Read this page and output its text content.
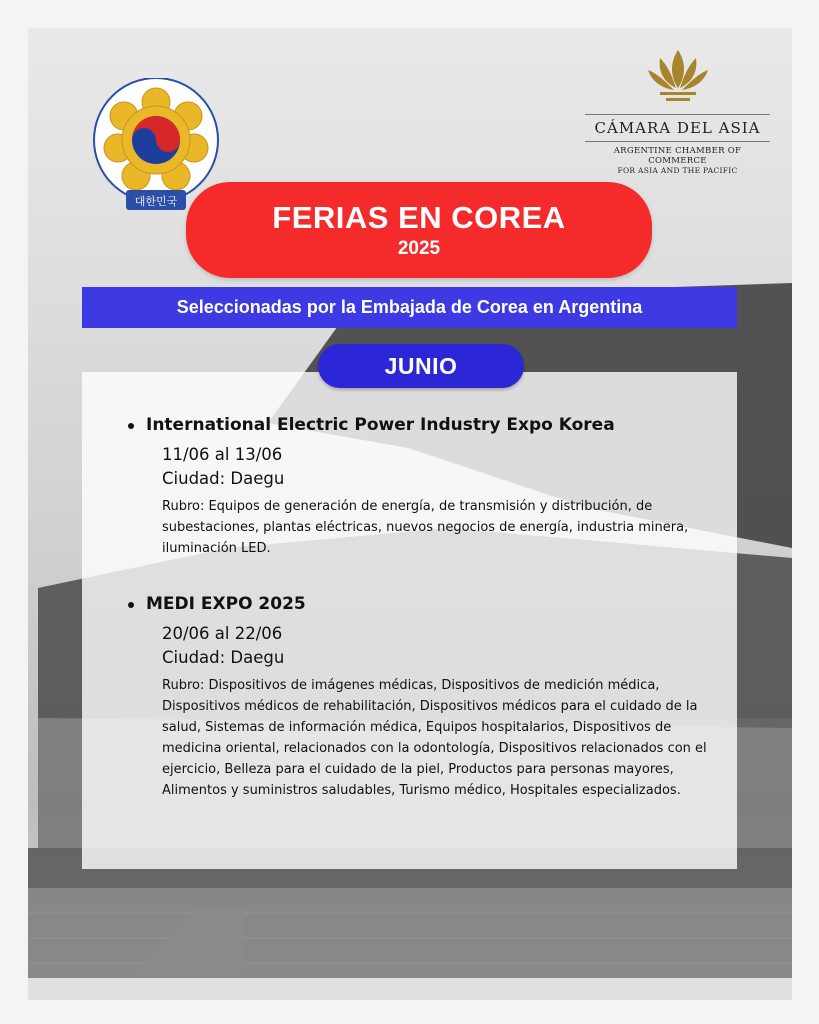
대한민국
CÁMARA DEL ASIA
ARGENTINE CHAMBER OF COMMERCE
FOR ASIA AND THE PACIFIC
FERIAS EN COREA
2025
Seleccionadas por la Embajada de Corea en Argentina
JUNIO
International Electric Power Industry Expo Korea
11/06 al 13/06
Ciudad: Daegu
Rubro: Equipos de generación de energía, de transmisión y distribución, de subestaciones, plantas eléctricas, nuevos negocios de energía, industria minera, iluminación LED.
MEDI EXPO 2025
20/06 al 22/06
Ciudad: Daegu
Rubro: Dispositivos de imágenes médicas, Dispositivos de medición médica, Dispositivos médicos de rehabilitación, Dispositivos médicos para el cuidado de la salud, Sistemas de información médica, Equipos hospitalarios, Dispositivos de medicina oriental, relacionados con la odontología, Dispositivos relacionados con el ejercicio, Belleza para el cuidado de la piel, Productos para personas mayores, Alimentos y suministros saludables, Turismo médico, Hospitales especializados.
